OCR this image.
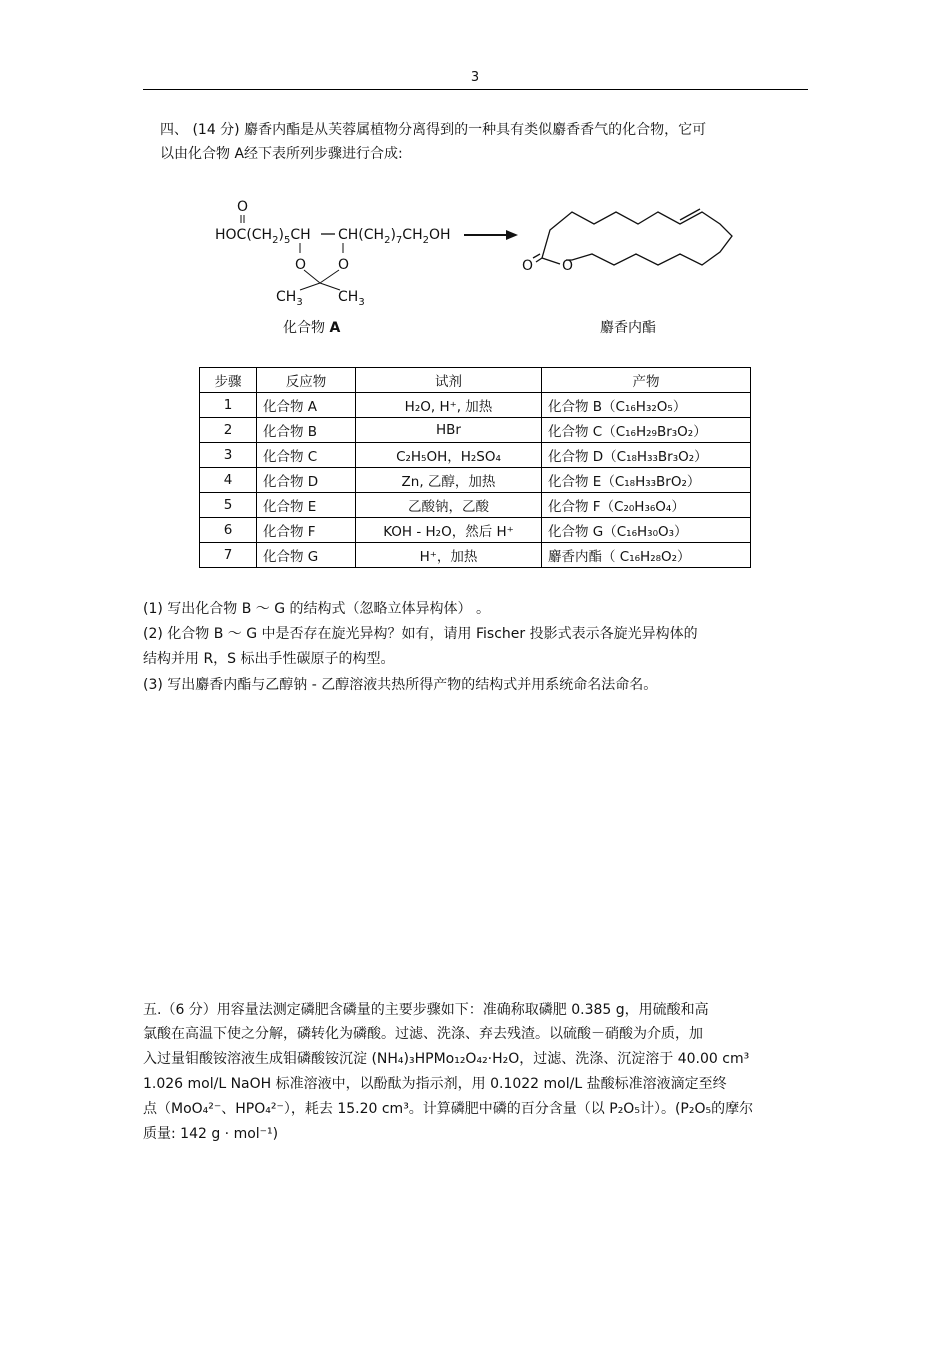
3
四、 (14 分) 麝香内酯是从芙蓉属植物分离得到的一种具有类似麝香香气的化合物，它可
以由化合物 A经下表所列步骤进行合成:
O
$HOC(CH_2)_5CH$ $CH(CH_2)_7CH_2OH$
O O
$CH_3$	$CH_3$
O O
化合物 A	麝香内酯
步骤	反应物	试剂	产物
1	化合物 A	H₂O, H⁺, 加热	化合物 B（C₁₆H₃₂O₅）
2	化合物 B	HBr	化合物 C（C₁₆H₂₉Br₃O₂）
3	化合物 C	C₂H₅OH，H₂SO₄	化合物 D（C₁₈H₃₃Br₃O₂）
4	化合物 D	Zn, 乙醇，加热	化合物 E（C₁₈H₃₃BrO₂）
5	化合物 E	乙酸钠，乙酸	化合物 F（C₂₀H₃₆O₄）
6	化合物 F	KOH - H₂O，然后 H⁺	化合物 G（C₁₆H₃₀O₃）
7	化合物 G	H⁺，加热	麝香内酯（ C₁₆H₂₈O₂）
(1) 写出化合物 B ～ G 的结构式（忽略立体异构体） 。
(2) 化合物 B ～ G 中是否存在旋光异构？如有，请用 Fischer 投影式表示各旋光异构体的
结构并用 R，S 标出手性碳原子的构型。
(3) 写出麝香内酯与乙醇钠 - 乙醇溶液共热所得产物的结构式并用系统命名法命名。
五.（6 分）用容量法测定磷肥含磷量的主要步骤如下：准确称取磷肥 0.385 g，用硫酸和高
氯酸在高温下使之分解，磷转化为磷酸。过滤、洗涤、弃去残渣。以硫酸－硝酸为介质，加
入过量钼酸铵溶液生成钼磷酸铵沉淀 (NH₄)₃HPMo₁₂O₄₂·H₂O，过滤、洗涤、沉淀溶于 40.00 cm³
1.026 mol/L NaOH 标准溶液中，以酚酞为指示剂，用 0.1022 mol/L 盐酸标准溶液滴定至终
点（MoO₄²⁻、HPO₄²⁻），耗去 15.20 cm³。计算磷肥中磷的百分含量（以 P₂O₅计）。(P₂O₅的摩尔
质量: 142 g · mol⁻¹)
